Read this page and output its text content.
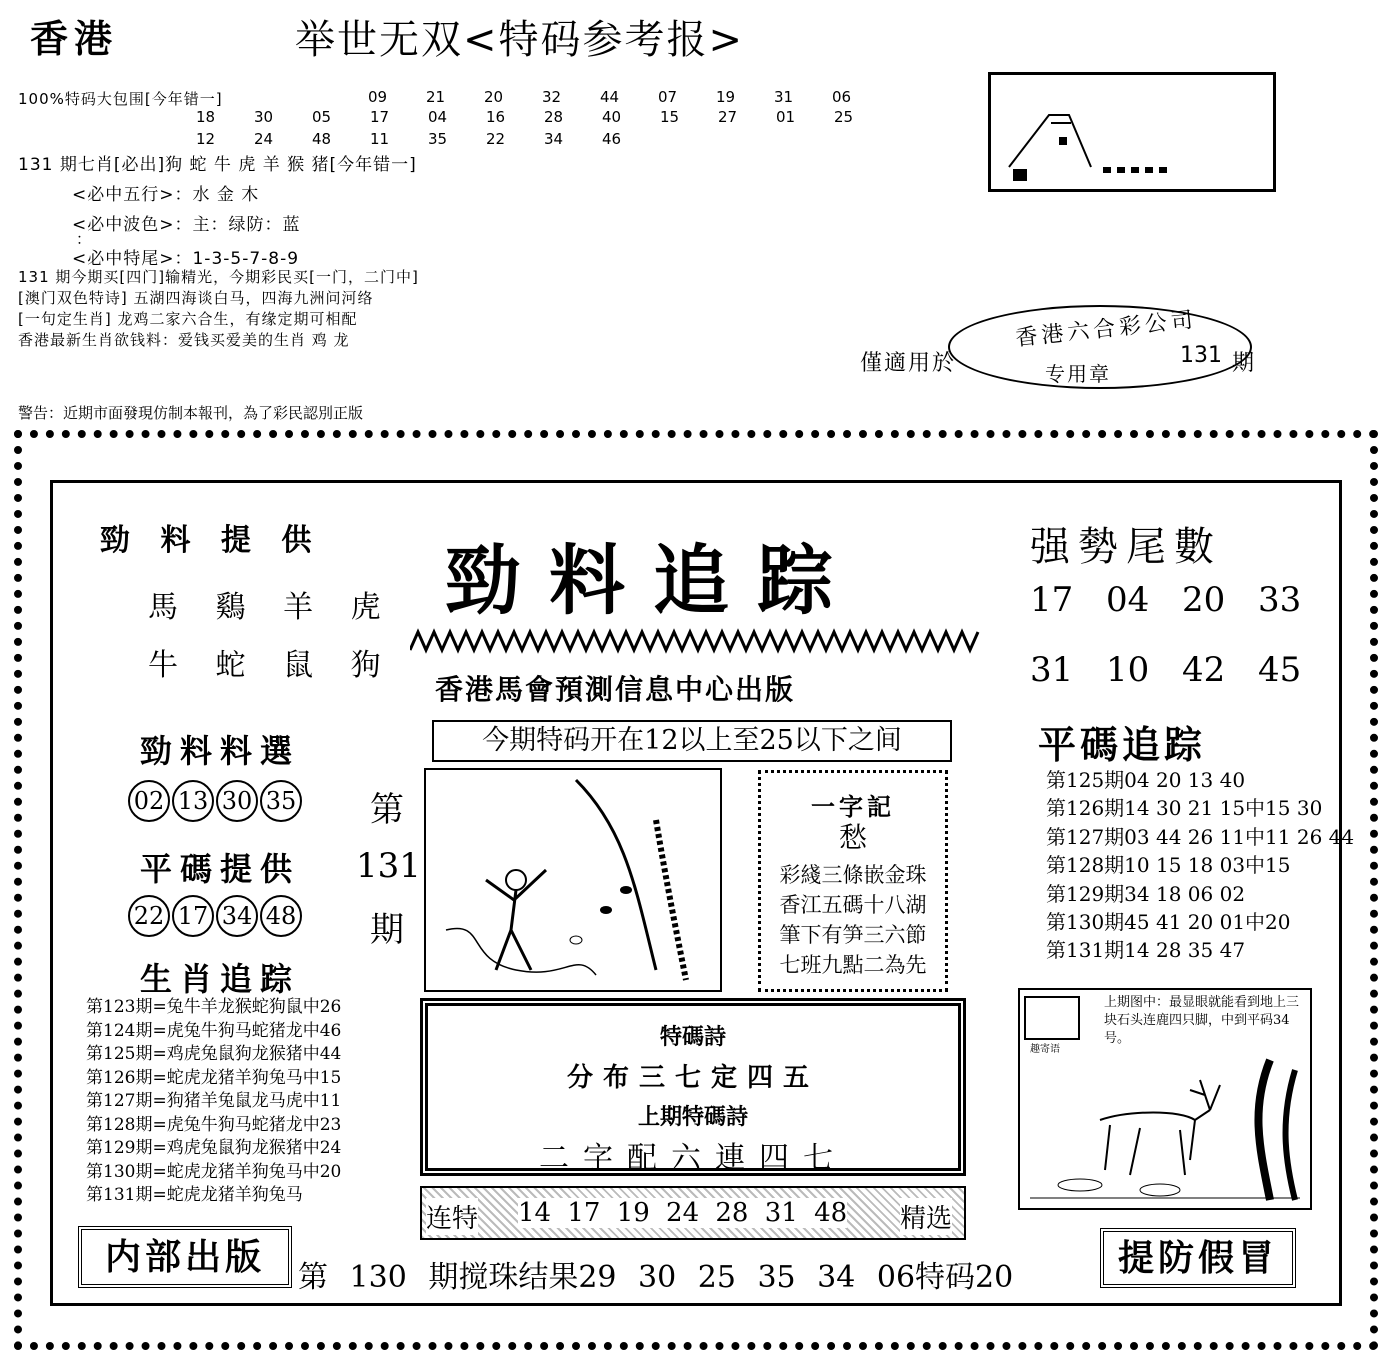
香港	举世无双<特码参考报>
100%特码大包围[今年错一]	09	21	20	32	44	07	19	31	06
18	30	05	17	04	16	28	40	15	27	01	25
12	24	48	11	35	22	34	46
131 期七肖[必出]狗 蛇 牛 虎 羊 猴 猪[今年错一]
<必中五行>：水 金 木
<必中波色>：主：绿防：蓝
：
<必中特尾>：1-3-5-7-8-9
131 期今期买[四门]输精光，今期彩民买[一门，二门中]
[澳门双色特诗] 五湖四海谈白马，四海九洲问河络
[一句定生肖] 龙鸡二家六合生，有缘定期可相配
香港最新生肖欲钱料：爱钱买爱美的生肖 鸡 龙	香港六合彩公司
专用章
僅適用於	131 期
警告：近期市面發現仿制本報刊，為了彩民認別正版
勁 料 提 供
馬 鷄 羊 虎
牛 蛇 鼠 狗
勁料料選
02 13 30 35
平碼提供
22 17 34 48
生肖追踪
第
131
期
第123期=兔牛羊龙猴蛇狗鼠中26
第124期=虎兔牛狗马蛇猪龙中46
第125期=鸡虎兔鼠狗龙猴猪中44
第126期=蛇虎龙猪羊狗兔马中15
第127期=狗猪羊兔鼠龙马虎中11
第128期=虎兔牛狗马蛇猪龙中23
第129期=鸡虎兔鼠狗龙猴猪中24
第130期=蛇虎龙猪羊狗兔马中20
第131期=蛇虎龙猪羊狗兔马
内部出版
勁料追踪
香港馬會預測信息中心出版
今期特码开在12以上至25以下之间
一字記
愁
彩綫三條嵌金珠
香江五碼十八湖
筆下有笋三六節
七班九點二為先
特碼詩
分布三七定四五
上期特碼詩
二字配六連四七
连特 14 17 19 24 28 31 48 精选
第 130 期搅珠结果29 30 25 35 34 06特码20
强勢尾數
17 04 20 33
31 10 42 45
平碼追踪
第125期04 20 13 40
第126期14 30 21 15中15 30
第127期03 44 26 11中11 26 44
第128期10 15 18 03中15
第129期34 18 06 02
第130期45 41 20 01中20
第131期14 28 35 47
趣寄语
上期图中：最显眼就能看到地上三块石头连鹿四只脚，中到平码34号。
提防假冒
